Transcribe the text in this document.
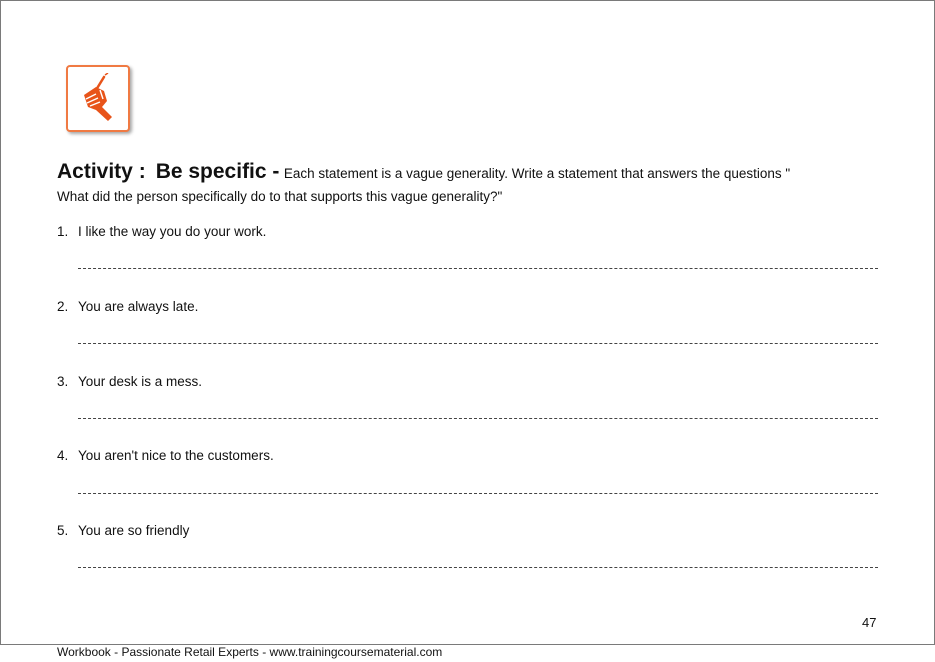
Activity : Be specific - Each statement is a vague generality. Write a statement that answers the questions "
What did the person specifically do to that supports this vague generality?"
1. I like the way you do your work.
2. You are always late.
3. Your desk is a mess.
4. You aren't nice to the customers.
5. You are so friendly
47
Workbook - Passionate Retail Experts - www.trainingcoursematerial.com
